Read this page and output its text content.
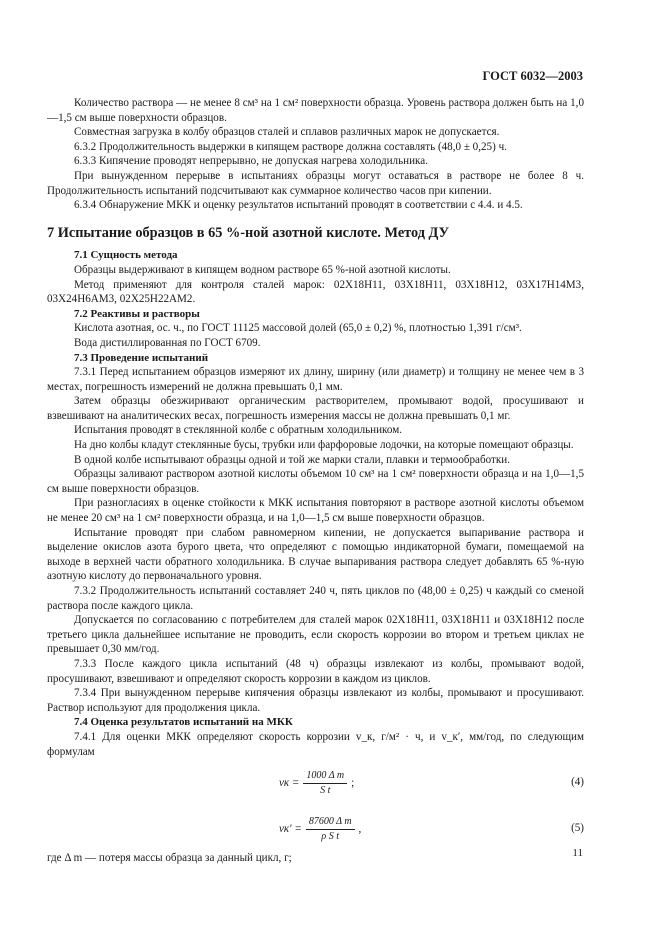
ГОСТ 6032—2003

Количество раствора — не менее 8 см³ на 1 см² поверхности образца. Уровень раствора должен быть на 1,0—1,5 см выше поверхности образцов.

Совместная загрузка в колбу образцов сталей и сплавов различных марок не допускается.

6.3.2 Продолжительность выдержки в кипящем растворе должна составлять (48,0 ± 0,25) ч.

6.3.3 Кипячение проводят непрерывно, не допуская нагрева холодильника.

При вынужденном перерыве в испытаниях образцы могут оставаться в растворе не более 8 ч. Продолжительность испытаний подсчитывают как суммарное количество часов при кипении.

6.3.4 Обнаружение МКК и оценку результатов испытаний проводят в соответствии с 4.4. и 4.5.

7 Испытание образцов в 65 %-ной азотной кислоте. Метод ДУ
7.1 Сущность метода

Образцы выдерживают в кипящем водном растворе 65 %-ной азотной кислоты.

Метод применяют для контроля сталей марок: 02Х18Н11, 03Х18Н11, 03Х18Н12, 03Х17Н14М3, 03Х24Н6АМ3, 02Х25Н22АМ2.

7.2 Реактивы и растворы

Кислота азотная, ос. ч., по ГОСТ 11125 массовой долей (65,0 ± 0,2) %, плотностью 1,391 г/см³.

Вода дистиллированная по ГОСТ 6709.

7.3 Проведение испытаний

7.3.1 Перед испытанием образцов измеряют их длину, ширину (или диаметр) и толщину не менее чем в 3 местах, погрешность измерений не должна превышать 0,1 мм.

Затем образцы обезжиривают органическим растворителем, промывают водой, просушивают и взвешивают на аналитических весах, погрешность измерения массы не должна превышать 0,1 мг.

Испытания проводят в стеклянной колбе с обратным холодильником.

На дно колбы кладут стеклянные бусы, трубки или фарфоровые лодочки, на которые помещают образцы.

В одной колбе испытывают образцы одной и той же марки стали, плавки и термообработки.

Образцы заливают раствором азотной кислоты объемом 10 см³ на 1 см² поверхности образца и на 1,0—1,5 см выше поверхности образцов.

При разногласиях в оценке стойкости к МКК испытания повторяют в растворе азотной кислоты объемом не менее 20 см³ на 1 см² поверхности образца, и на 1,0—1,5 см выше поверхности образцов.

Испытание проводят при слабом равномерном кипении, не допускается выпаривание раствора и выделение окислов азота бурого цвета, что определяют с помощью индикаторной бумаги, помещаемой на выходе в верхней части обратного холодильника. В случае выпаривания раствора следует добавлять 65 %-ную азотную кислоту до первоначального уровня.

7.3.2 Продолжительность испытаний составляет 240 ч, пять циклов по (48,00 ± 0,25) ч каждый со сменой раствора после каждого цикла.

Допускается по согласованию с потребителем для сталей марок 02Х18Н11, 03Х18Н11 и 03Х18Н12 после третьего цикла дальнейшее испытание не проводить, если скорость коррозии во втором и третьем циклах не превышает 0,30 мм/год.

7.3.3 После каждого цикла испытаний (48 ч) образцы извлекают из колбы, промывают водой, просушивают, взвешивают и определяют скорость коррозии в каждом из циклов.

7.3.4 При вынужденном перерыве кипячения образцы извлекают из колбы, промывают и просушивают. Раствор используют для продолжения цикла.

7.4 Оценка результатов испытаний на МКК

7.4.1 Для оценки МКК определяют скорость коррозии v_к, г/м² · ч, и v_к′, мм/год, по следующим формулам

vк = $\frac{\text{1000 Δ m}}{\text{S t}}$ ;	(4)
$vк' = \frac{\text{87600 Δ m}}{\text{ρ S t}}$ ,	(5)

где Δ m — потеря массы образца за данный цикл, г;	11
